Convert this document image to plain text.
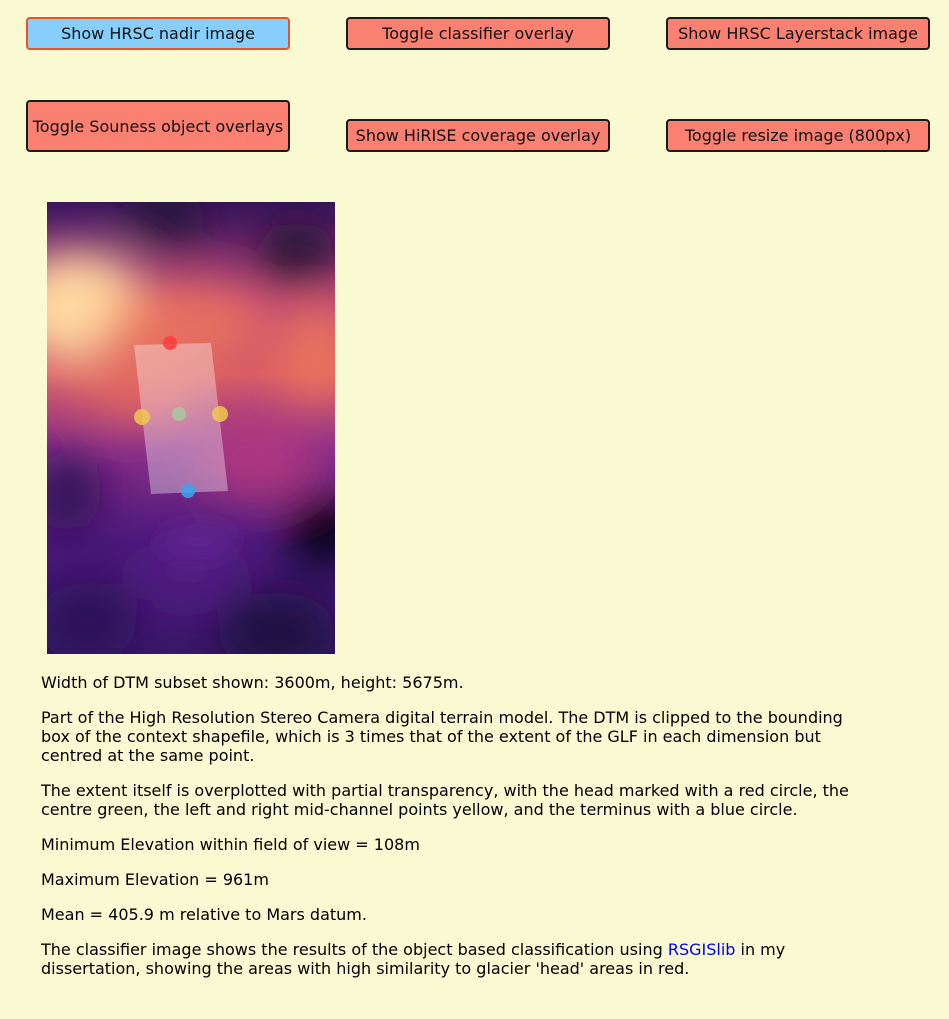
Show HRSC nadir image	Toggle classifier overlay	Show HRSC Layerstack image
Toggle Souness object overlays	Show HiRISE coverage overlay	Toggle resize image (800px)

Width of DTM subset shown: 3600m, height: 5675m.

Part of the High Resolution Stereo Camera digital terrain model. The DTM is clipped to the bounding box of the context shapefile, which is 3 times that of the extent of the GLF in each dimension but centred at the same point.

The extent itself is overplotted with partial transparency, with the head marked with a red circle, the centre green, the left and right mid-channel points yellow, and the terminus with a blue circle.

Minimum Elevation within field of view = 108m

Maximum Elevation = 961m

Mean = 405.9 m relative to Mars datum.

The classifier image shows the results of the object based classification using RSGISlib in my dissertation, showing the areas with high similarity to glacier 'head' areas in red.
